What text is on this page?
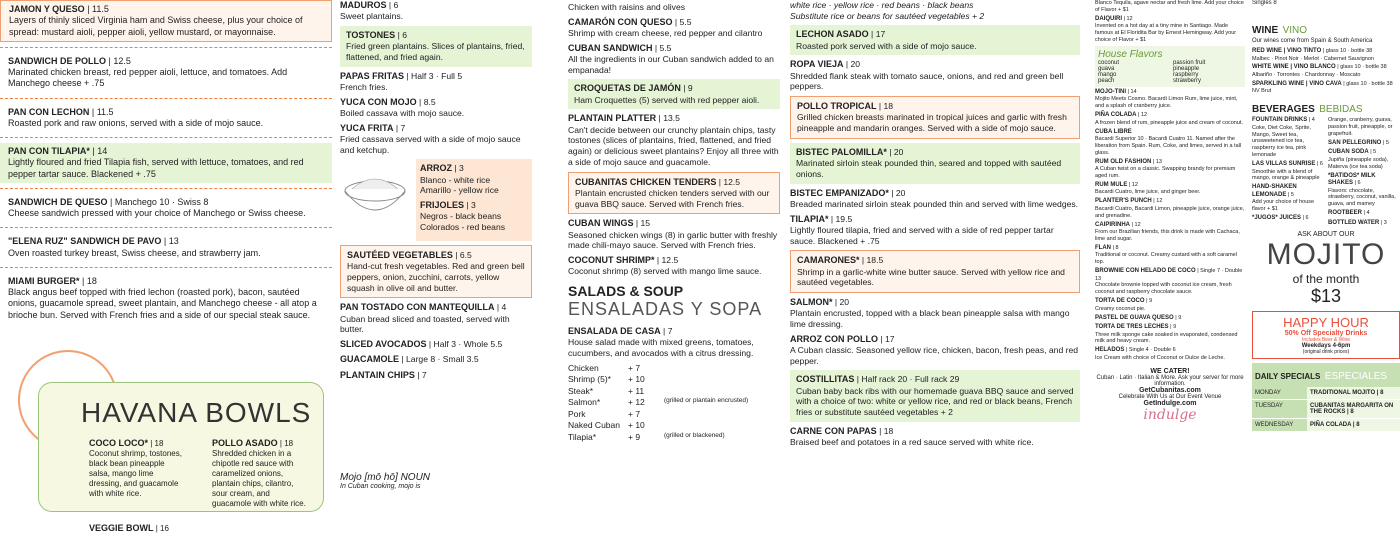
JAMON Y QUESO | 11.5
Layers of thinly sliced Virginia ham and Swiss cheese, plus your choice of spread: mustard aioli, pepper aioli, yellow mustard, or mayonnaise.
SANDWICH DE POLLO | 12.5
Marinated chicken breast, red pepper aioli, lettuce, and tomatoes. Add Manchego cheese + .75
PAN CON LECHON | 11.5
Roasted pork and raw onions, served with a side of mojo sauce.
PAN CON TILAPIA* | 14
Lightly floured and fried Tilapia fish, served with lettuce, tomatoes, and red pepper tartar sauce. Blackened + .75
SANDWICH DE QUESO | Manchego 10 · Swiss 8
Cheese sandwich pressed with your choice of Manchego or Swiss cheese.
"ELENA RUZ" SANDWICH DE PAVO | 13
Oven roasted turkey breast, Swiss cheese, and strawberry jam.
MIAMI BURGER* | 18
Black angus beef topped with fried lechon (roasted pork), bacon, sautéed onions, guacamole spread, sweet plantain, and Manchego cheese - all atop a brioche bun. Served with French fries and a side of our special steak sauce.
HAVANA BOWLS
COCO LOCO* | 18
Coconut shrimp, tostones, black bean pineapple salsa, mango lime dressing, and guacamole with white rice.
POLLO ASADO | 18
Shredded chicken in a chipotle red sauce with caramelized onions, plantain chips, cilantro, sour cream, and guacamole with white rice.
VEGGIE BOWL | 16
MADUROS | 6
Sweet plantains.
TOSTONES | 6
Fried green plantains. Slices of plantains, fried, flattened, and fried again.
PAPAS FRITAS | Half 3 · Full 5
French fries.
YUCA CON MOJO | 8.5
Boiled cassava with mojo sauce.
YUCA FRITA | 7
Fried cassava served with a side of mojo sauce and ketchup.
ARROZ | 3
Blanco - white rice
Amarillo - yellow rice
FRIJOLES | 3
Negros - black beans
Colorados - red beans
SAUTÉED VEGETABLES | 6.5
Hand-cut fresh vegetables. Red and green bell peppers, onion, zucchini, carrots, yellow squash in olive oil and butter.
PAN TOSTADO CON MANTEQUILLA | 4
Cuban bread sliced and toasted, served with butter.
SLICED AVOCADOS | Half 3 · Whole 5.5
GUACAMOLE | Large 8 · Small 3.5
PLANTAIN CHIPS | 7
Mojo [mō hō] NOUN
In Cuban cooking, mojo is
Chicken with raisins and olives
CAMARÓN CON QUESO | 5.5
Shrimp with cream cheese, red pepper and cilantro
CUBAN SANDWICH | 5.5
All the ingredients in our Cuban sandwich added to an empanada!
CROQUETAS DE JAMÓN | 9
Ham Croquettes (5) served with red pepper aioli.
PLANTAIN PLATTER | 13.5
Can't decide between our crunchy plantain chips, tasty tostones (slices of plantains, fried, flattened, and fried again) or delicious sweet plantains? Enjoy all three with a side of mojo sauce and guacamole.
CUBANITAS CHICKEN TENDERS | 12.5
Plantain encrusted chicken tenders served with our guava BBQ sauce. Served with French fries.
CUBAN WINGS | 15
Seasoned chicken wings (8) in garlic butter with freshly made chili-mayo sauce. Served with French fries.
COCONUT SHRIMP* | 12.5
Coconut shrimp (8) served with mango lime sauce.
SALADS & SOUP
ENSALADAS Y SOPA
ENSALADA DE CASA | 7
House salad made with mixed greens, tomatoes, cucumbers, and avocados with a citrus dressing.
Chicken	+ 7
Shrimp (5)*	+ 10
Steak*	+ 11
Salmon*	+ 12	(grilled or plantain encrusted)
Pork	+ 7
Naked Cuban + 10
Tilapia*	+ 9	(grilled or blackened)
white rice · yellow rice · red beans · black beans
Substitute rice or beans for sautéed vegetables + 2
LECHON ASADO | 17
Roasted pork served with a side of mojo sauce.
ROPA VIEJA | 20
Shredded flank steak with tomato sauce, onions, and red and green bell peppers.
POLLO TROPICAL | 18
Grilled chicken breasts marinated in tropical juices and garlic with fresh pineapple and mandarin oranges. Served with a side of mojo sauce.
BISTEC PALOMILLA* | 20
Marinated sirloin steak pounded thin, seared and topped with sautéed onions.
BISTEC EMPANIZADO* | 20
Breaded marinated sirloin steak pounded thin and served with lime wedges.
TILAPIA* | 19.5
Lightly floured tilapia, fried and served with a side of red pepper tartar sauce. Blackened + .75
CAMARONES* | 18.5
Shrimp in a garlic-white wine butter sauce. Served with yellow rice and sautéed vegetables.
SALMON* | 20
Plantain encrusted, topped with a black bean pineapple salsa with mango lime dressing.
ARROZ CON POLLO | 17
A Cuban classic. Seasoned yellow rice, chicken, bacon, fresh peas, and red pepper.
COSTILLITAS | Half rack 20 · Full rack 29
Cuban baby back ribs with our homemade guava BBQ sauce and served with a choice of two: white or yellow rice, and red or black beans, French fries or substitute sautéed vegetables + 2
CARNE CON PAPAS | 18
Braised beef and potatoes in a red sauce served with white rice.
Blanco Tequila, agave nectar and fresh lime. Add your choice of Flavor + $1
DAIQUIRI | 12
Invented on a hot day at a tiny mine in Santiago. Made famous at El Floridita Bar by Ernest Hemingway. Add your choice of Flavor + $1
House Flavors
coconut
guava
mango
peach
passion fruit
pineapple
raspberry
strawberry
MOJO-TINI | 14
Mojito Meets Cosmo. Bacardi Limon Rum, lime juice, mint, and a splash of cranberry juice.
PIÑA COLADA | 12
A frozen blend of rum, pineapple juice and cream of coconut.
CUBA LIBRE
Bacardi Superior 10 · Bacardi Cuatro 11. Named after the liberation from Spain. Rum, Coke, and limes, served in a tall glass.
RUM OLD FASHION | 13
A Cuban twist on a classic. Swapping brandy for premium aged rum.
RUM MULE | 12
Bacardi Cuatro, lime juice, and ginger beer.
PLANTER'S PUNCH | 12
Bacardi Cuatro, Bacardi Limon, pineapple juice, orange juice, and grenadine.
CAIPIRINHA | 12
From our Brazilian friends, this drink is made with Cachaca, lime and sugar.
FLAN | 8
Traditional or coconut. Creamy custard with a soft caramel top.
BROWNIE CON HELADO DE COCO | Single 7 · Double 13
Chocolate brownie topped with coconut ice cream, fresh coconut and raspberry chocolate sauce.
TORTA DE COCO | 9
Creamy coconut pie.
PASTEL DE GUAVA QUESO | 9
TORTA DE TRES LECHES | 9
Three milk sponge cake soaked in evaporated, condensed milk and heavy cream.
HELADOS | Single 4 · Double 6
Ice Cream with choice of Coconut or Dulce de Leche.
WE CATER!
Cuban · Latin · Italian & More. Ask your server for more information.
GetCubanitas.com
Celebrate With Us at Our Event Venue
GetIndulge.com
indulge
Singles 8
WINE VINO
Our wines come from Spain & South America
RED WINE | VINO TINTO | glass 10 · bottle 38
Malbec · Pinot Noir · Merlot · Cabernet Sauvignon
WHITE WINE | VINO BLANCO | glass 10 · bottle 38
Albariño · Torrontes · Chardonnay · Moscato
SPARKLING WINE | VINO CAVA | glass 10 · bottle 38
NV Brut
BEVERAGES BEBIDAS
FOUNTAIN DRINKS | 4
Coke, Diet Coke, Sprite, Mango, Sweet tea, unsweetened ice tea, raspberry ice tea, pink lemonade
LAS VILLAS SUNRISE | 6
Smoothie with a blend of mango, orange & pineapple
HAND-SHAKEN LEMONADE | 5
Add your choice of house flavor + $1
*JUGOS* JUICES | 6
Orange, cranberry, guava, passion fruit, pineapple, or grapefruit.
SAN PELLEGRINO | 5
CUBAN SODA | 5
Jupiña (pineapple soda), Materva (ice tea soda)
*BATIDOS* MILK SHAKES | 6
Flavors: chocolate, strawberry, coconut, vanilla, guava, and mamey
ROOTBEER | 4
BOTTLED WATER | 3
ASK ABOUT OUR
MOJITO
of the month
$13
HAPPY HOUR
50% Off Specialty Drinks
Includes Beer & Wine
Weekdays 4-6pm
(original drink prices)
DAILY SPECIALS ESPECIALES
MONDAY	TRADITIONAL MOJITO | 8
TUESDAY	CUBANITAS MARGARITA ON THE ROCKS | 8
WEDNESDAY	PIÑA COLADA | 8
